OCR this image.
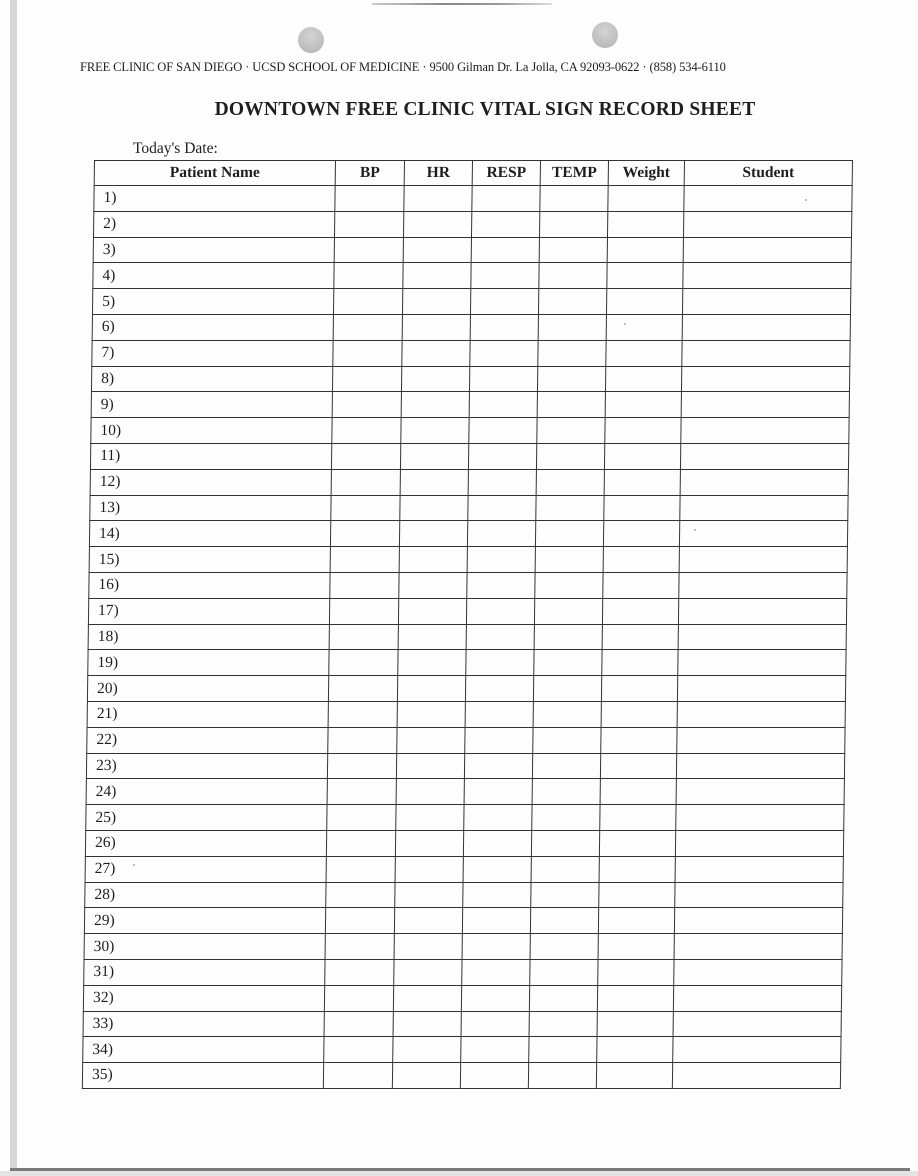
FREE CLINIC OF SAN DIEGO · UCSD SCHOOL OF MEDICINE · 9500 Gilman Dr. La Jolla, CA 92093-0622 · (858) 534-6110
DOWNTOWN FREE CLINIC VITAL SIGN RECORD SHEET
Today's Date:
Patient Name	BP	HR	RESP	TEMP	Weight	Student
1)						
2)						
3)						
4)						
5)						
6)						
7)						
8)						
9)						
10)						
11)						
12)						
13)						
14)						
15)						
16)						
17)						
18)						
19)						
20)						
21)						
22)						
23)						
24)						
25)						
26)						
27)						
28)						
29)						
30)						
31)						
32)						
33)						
34)						
35)						
